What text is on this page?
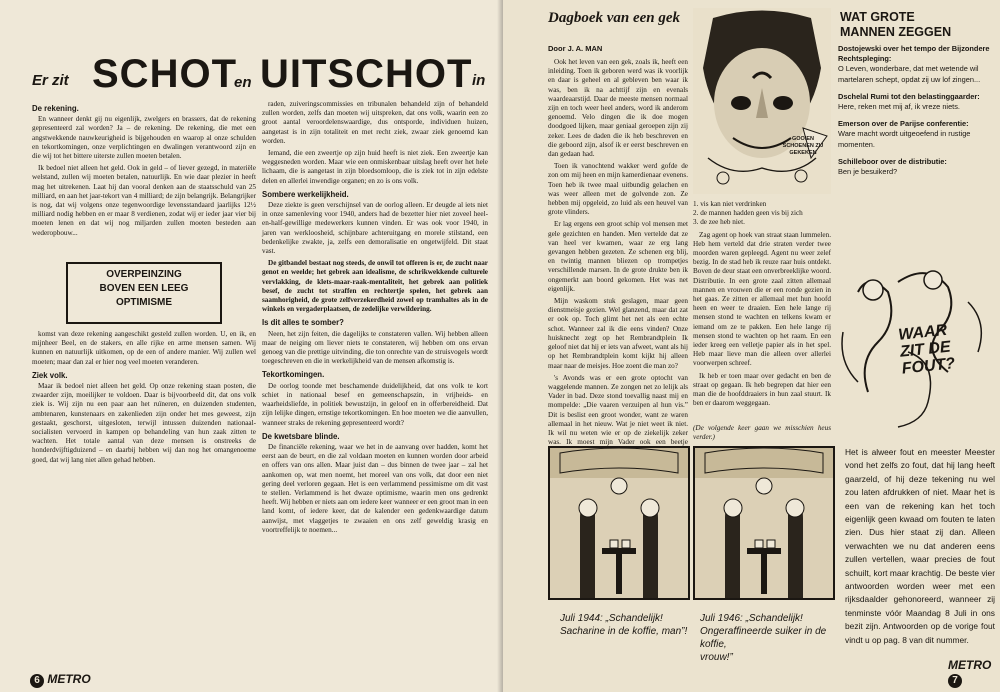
Er zit SCHOT
en UITSCHOT in
De rekening.

En wanneer denkt gij nu eigenlijk, zwelgers en brassers, dat de rekening gepresenteerd zal worden? Ja – de rekening. De rekening, die met een angstwekkende nauwkeurigheid is bijgehouden en waarop al onze schulden en tekortkomingen, onze verplichtingen en dwalingen verantwoord zijn en die wij tot het bittere uiterste zullen moeten betalen.

Ik bedoel niet alleen het geld. Ook in geld – of liever gezegd, in materiële welstand, zullen wij moeten betalen, natuurlijk. En wie daar plezier in heeft mag het uitrekenen. Laat hij dan vooral denken aan de staatsschuld van 25 milliard, en aan het jaar-tekort van 4 milliard; de zijn belangrijk. Belangrijker is nog, dat wij volgens onze tegenwoordige levensstandaard jaarlijks 12½ milliard nodig hebben en er maar 8 verdienen, zodat wij er ieder jaar vier bij moeten lenen en dat wij nog miljarden zullen moeten besteden aan wederopbouw...

OVERPEINZING
BOVEN EEN LEEG
OPTIMISME

komst van deze rekening aangeschikt gesteld zullen worden. U, en ik, en mijnheer Beel, en de stakers, en alle rijke en arme mensen samen. Wij kunnen en natuurlijk uitkomen, op de een of andere manier. Wij zullen wel moeten; maar dan zal er hier nog veel moeten veranderen.

Ziek volk.

Maar ik bedoel niet alleen het geld. Op onze rekening staan posten, die zwaarder zijn, moeilijker te voldoen. Daar is bijvoorbeeld dit, dat ons volk ziek is. Wij zijn nu een paar aan het ruïneren, en duizenden studenten, ambtenaren, kunstenaars en zakenlieden zijn onder het mes geweest, zijn gestaakt, geschorst, uitgesloten, terwijl intussen duizenden nationaal-socialisten vervoerd in kampen op behandeling van hun zaak zitten te wachten. Het totale aantal van deze mensen is onstreeks de honderdvijftigduizend – en daarbij hebben wij dan nog het omangenoeme goed, dat wij lang niet allen gehad hebben.

raden, zuiveringscommissies en tribunalen behandeld zijn of behandeld zullen worden, zelfs dan moeten wij uitspreken, dat ons volk, waarin een zo groot aantal veroordelenswaardige, dus ontsporde, individuen huizen, aangetast is in zijn totaliteit en met recht ziek, zwaar ziek genoemd kan worden.

Iemand, die een zweertje op zijn huid heeft is niet ziek. Een zweertje kan weggesneden worden. Maar wie een onmiskenbaar uitslag heeft over het hele lichaam, die is aangetast in zijn bloedsomloop, die is ziek tot in zijn edelste delen en allerlei inwendige organen; en zo is ons volk.

Sombere werkelijkheid.

Deze ziekte is geen verschijnsel van de oorlog alleen. Er deugde al iets niet in onze samenleving voor 1940, anders had de bezetter hier niet zoveel heel-en-half-gewillige medewerkers kunnen vinden. Er was ook voor 1940, in jaren van werkloosheid, schijnbare achteruitgang en morele stilstand, een bedenkelijke zwakte, ja, zelfs een demoralisatie en ongetwijfeld. Dit staat vast.

De gitbandel bestaat nog steeds, de onwil tot offeren is er, de zucht naar genot en weelde; het gebrek aan idealisme, de schrikwekkende culturele vervlakking, de klets-maar-raak-mentaliteit, het gebrek aan politiek besef, de zucht tot straffen en rechtertje spelen, het gebrek aan saamhorigheid, de grote zelfverzekerdheid zowel op tramhaltes als in de winkels en vergaderplaatsen, de zedelijke verwildering.

Is dit alles te somber?

Neen, het zijn feiten, die dagelijks te constateren vallen. Wij hebben alleen maar de neiging om liever niets te constateren, wij hebben om ons ervan genoeg van die prettige uitvinding, die ton onrechte van de struisvogels wordt toegeschreven en die in werkelijkheid van de mensen afkomstig is.

Tekortkomingen.

De oorlog toonde met beschamende duidelijkheid, dat ons volk te kort schiet in nationaal besef en gemeenschapszin, in vrijheids- en waarheidsliefde, in politiek bewustzijn, in geloof en in offerbereidheid. Dat zijn lelijke dingen, ernstige tekortkomingen. En hoe moeten we die aanvullen, wanneer straks de rekening gepresenteerd wordt?

De kwetsbare blinde.

De financiële rekening, waar we het in de aanvang over hadden, komt het eerst aan de beurt, en die zal voldaan moeten en kunnen worden door arbeid en offers van ons allen. Maar juist dan – dus binnen de twee jaar – zal het aankomen op, wat men noemt, het moreel van ons volk, dat door een niet gering deel verloren gegaan. Het is een verlammend pessimisme om dit vast te stellen. Verlammend is het dwaze optimisme, waarin men ons gedrenkt heeft. Wij hebben er niets aan om iedere keer wanneer er een groot man in een land komt, of iedere keer, dat de kalender een gedenkwaardige datum aanwijst, met vlaggetjes te zwaaien en ons zelf geweldig krasig en voortreffelijk te noemen...

6 METRO
Dagboek van een gek
Door J. A. MAN

Ook het leven van een gek, zoals ik, heeft een inleiding. Toen ik geboren werd was ik voorlijk en daar is geheel en al gebleven ben waar ik was, ben ik na achttijf zijn en evenals waardeaarstijd. Daar de meeste mensen normaal zijn en toch weer heel anders, word ik anderom genoemd. Velo dingen die ik doe mogen doodgoed lijken, maar geniaal geroepen zijn zij zeker. Lees de daden die ik heb beschreven en die geboord zijn, alsof ik er eerst beschreven en dan gedaan had.

Toen ik vanochtend wakker werd gofde de zon om mij heen en mijn kamerdienaar evenens. Toen heb ik twee maal uitbundig gelachen en was weer alleen met de golvende zon. Ze hebben mij opgeleid, zo luid als een heuvel van grote vlinders.

Er lag ergens een groot schip vol mensen met gele gezichten en handen. Men vertelde dat ze van heel ver kwamen, waar ze erg lang gevangen hebben gezeten. Ze schenen erg blij, en twintig mannen bliezen op trompetjes verschillende marsen. In de grote drukte ben ik ongemerkt aan boord gekomen. Het was net eigenlijk.

Mijn waskom stuk geslagen, maar geen dienstmeisje gezien. Wel glanzend, maar dat zat er ook op. Toch glimt het net als een echte schot. Wanneer zal ik die eens vinden? Onze huisknecht zegt op het Rembrandtplein Ik geloof niet dat hij er iets van afweet, want als hij op het Rembrandtplein komt kijkt hij alleen maar naar de meisjes. Hoe zoent die man zo?

's Avonds was er een grote optocht van waggelende mannen. Ze zongen net zo lelijk als Vader in bad. Deze stond toevallig naast mij en mompelde: „Die vaaren verzuipen al hun vis.” Dit is beslist een groot wonder, want ze waren allemaal in het nieuw. Wat je niet weet ik niet. Ik wil nu weten wie er op de ziekelijk zeker was. Ik moest mijn Vader ook een beetje

GOOIEN SCHOENEN ZIJ GEKEKEN
1. vis kan niet verdrinken
2. de mannen hadden geen vis bij zich
3. de zee heb niet.

Zag agent op hoek van straat staan lummelen. Heb hem verteld dat drie straten verder twee moorden waren gepleegd. Agent nu weer zelef bezig. In de stad heb ik reuze raar huis ontdekt. Boven de deur staat een onverbreeklijke woord. Distributie. In een grote zaal zitten allemaal mannen en vrouwen die er een ronde gezien in het gaas. Ze zitten er allemaal met hun hoofd heen en weer te draaien. Een hele lange rij mensen stond te wachten en telkens kwam er iemand om ze te pakken. Een hele lange rij mensen stond te wachten op het raam. En een ieder kreeg een velletje papier als in het spel. Heb maar lieve man die alleen over allerlei voorwerpen schreef.

Ik heb er toen maar over gedacht en ben de straat op gegaan. Ik heb begrepen dat hier een man die de hoofddraaiers in hun zaal stuurt. Ik ben er daarom weggegaan.

(De volgende keer gaan we misschien heus verder.)
WAT GROTE
MANNEN ZEGGEN
Dostojewski over het tempo der Bijzondere Rechtspleging:
O Leven, wonderbare, dat met wetende wil martelaren schept, opdat zij uw lof zingen...
Dschelal Rumi tot den belastinggaarder:
Here, reken met mij af, ik vreze niets.
Emerson over de Parijse conferentie:
Ware macht wordt uitgeoefend in rustige momenten.
Schilleboor over de distributie:
Ben je besuikerd?
WAAR
ZIT DE
FOUT?
Juli 1944: „Schandelijk!
Sacharine in de koffie, man”!
Juli 1946: „Schandelijk!
Ongeraffineerde suiker in de koffie,
vrouw!”
Het is alweer fout en meester Meester vond het zelfs zo fout, dat hij lang heeft gaarzeld, of hij deze tekening nu wel zou laten afdrukken of niet. Maar het is een van de rekening kan het toch eigenlijk geen kwaad om fouten te laten zien. Dus hier staat zij dan. Alleen verwachten we nu dat anderen eens zullen vertellen, waar precies de fout schuilt, kort maar krachtig. De beste vier antwoorden worden weer met een rijksdaalder gehonoreerd, wanneer zij tenminste vóór Maandag 8 Juli in ons bezit zijn. Antwoorden op de vorige fout vindt u op pag. 8 van dit nummer.
METRO 7
